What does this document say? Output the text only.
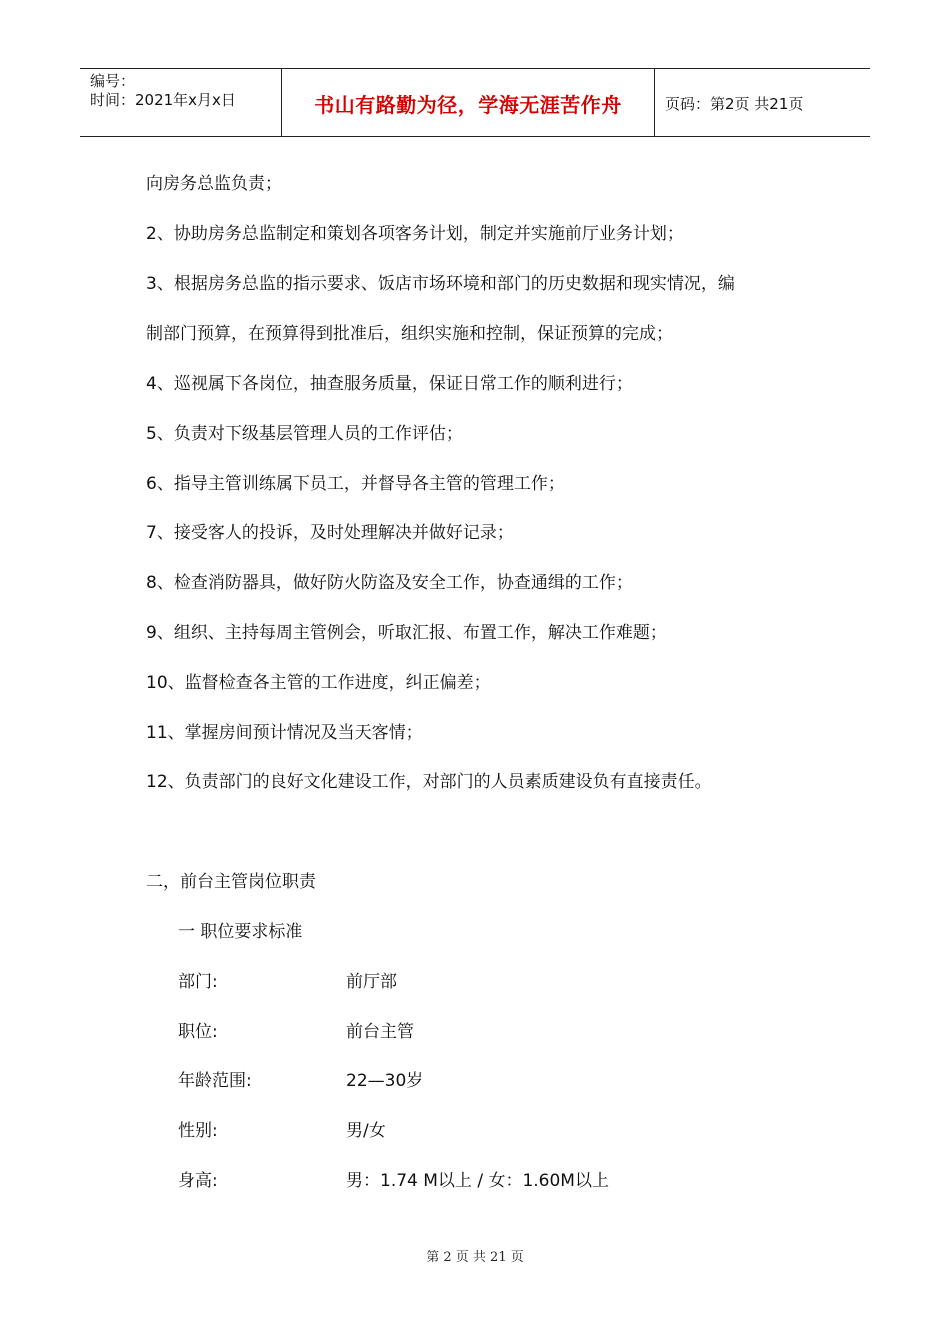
编号：
时间：2021年x月x日	书山有路勤为径，学海无涯苦作舟	页码：第2页 共21页
向房务总监负责；
2、协助房务总监制定和策划各项客务计划，制定并实施前厅业务计划；
3、根据房务总监的指示要求、饭店市场环境和部门的历史数据和现实情况，编
制部门预算，在预算得到批准后，组织实施和控制，保证预算的完成；
4、巡视属下各岗位，抽查服务质量，保证日常工作的顺利进行；
5、负责对下级基层管理人员的工作评估；
6、指导主管训练属下员工，并督导各主管的管理工作；
7、接受客人的投诉，及时处理解决并做好记录；
8、检查消防器具，做好防火防盗及安全工作，协查通缉的工作；
9、组织、主持每周主管例会，听取汇报、布置工作，解决工作难题；
10、监督检查各主管的工作进度，纠正偏差；
11、掌握房间预计情况及当天客情；
12、负责部门的良好文化建设工作，对部门的人员素质建设负有直接责任。
二，前台主管岗位职责
一 职位要求标准
部门:	前厅部
职位:	前台主管
年龄范围:	22—30岁
性别:	男/女
身高:	男：1.74 M以上 / 女：1.60M以上
第 2 页 共 21 页
